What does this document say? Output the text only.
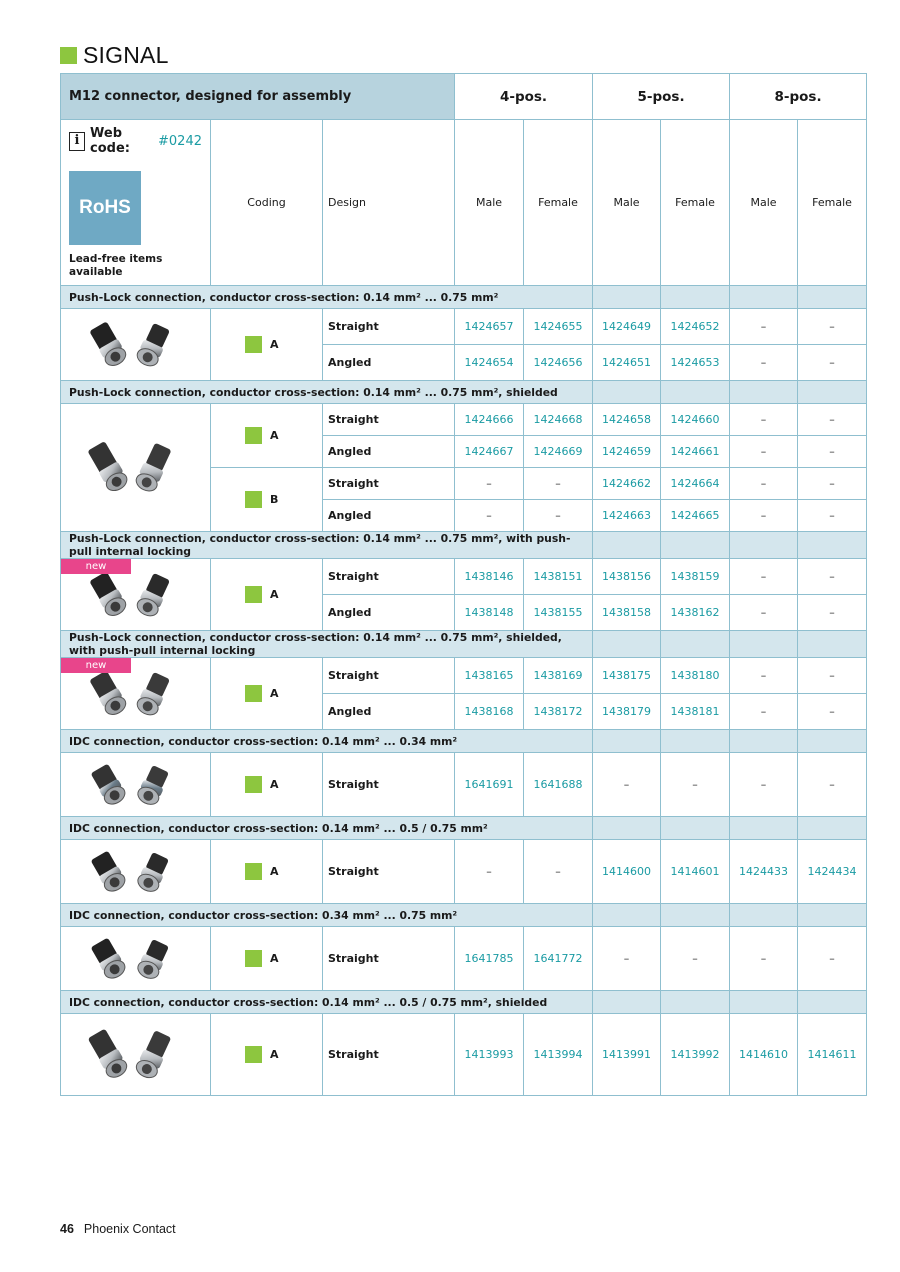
SIGNAL
M12 connector, designed for assembly			4-pos.		5-pos.		8-pos.	

i Web code: #0242
RoHS
Lead-free items available	Coding	Design	Male	Female	Male	Female	Male	Female
Push-Lock connection, conductor cross-section: 0.14 mm² ... 0.75 mm²								

A	Straight	1424657	1424655	1424649	1424652	–	–
		Angled	1424654	1424656	1424651	1424653	–	–
Push-Lock connection, conductor cross-section: 0.14 mm² ... 0.75 mm², shielded								

A	Straight	1424666	1424668	1424658	1424660	–	–
		Angled	1424667	1424669	1424659	1424661	–	–

	B	Straight	–	–	1424662	1424664	–	–
		Angled	–	–	1424663	1424665	–	–
Push-Lock connection, conductor cross-section: 0.14 mm² ... 0.75 mm², with push-pull internal locking								

new	A	Straight	1438146	1438151	1438156	1438159	–	–
		Angled	1438148	1438155	1438158	1438162	–	–
Push-Lock connection, conductor cross-section: 0.14 mm² ... 0.75 mm², shielded, with push-pull internal locking								

new	A	Straight	1438165	1438169	1438175	1438180	–	–
		Angled	1438168	1438172	1438179	1438181	–	–
IDC connection, conductor cross-section: 0.14 mm² ... 0.34 mm²								

A	Straight	1641691	1641688	–	–	–	–
IDC connection, conductor cross-section: 0.14 mm² ... 0.5 / 0.75 mm²								

A	Straight	–	–	1414600	1414601	1424433	1424434
IDC connection, conductor cross-section: 0.34 mm² ... 0.75 mm²								

A	Straight	1641785	1641772	–	–	–	–
IDC connection, conductor cross-section: 0.14 mm² ... 0.5 / 0.75 mm², shielded								

A	Straight	1413993	1413994	1413991	1413992	1414610	1414611
46 Phoenix Contact
